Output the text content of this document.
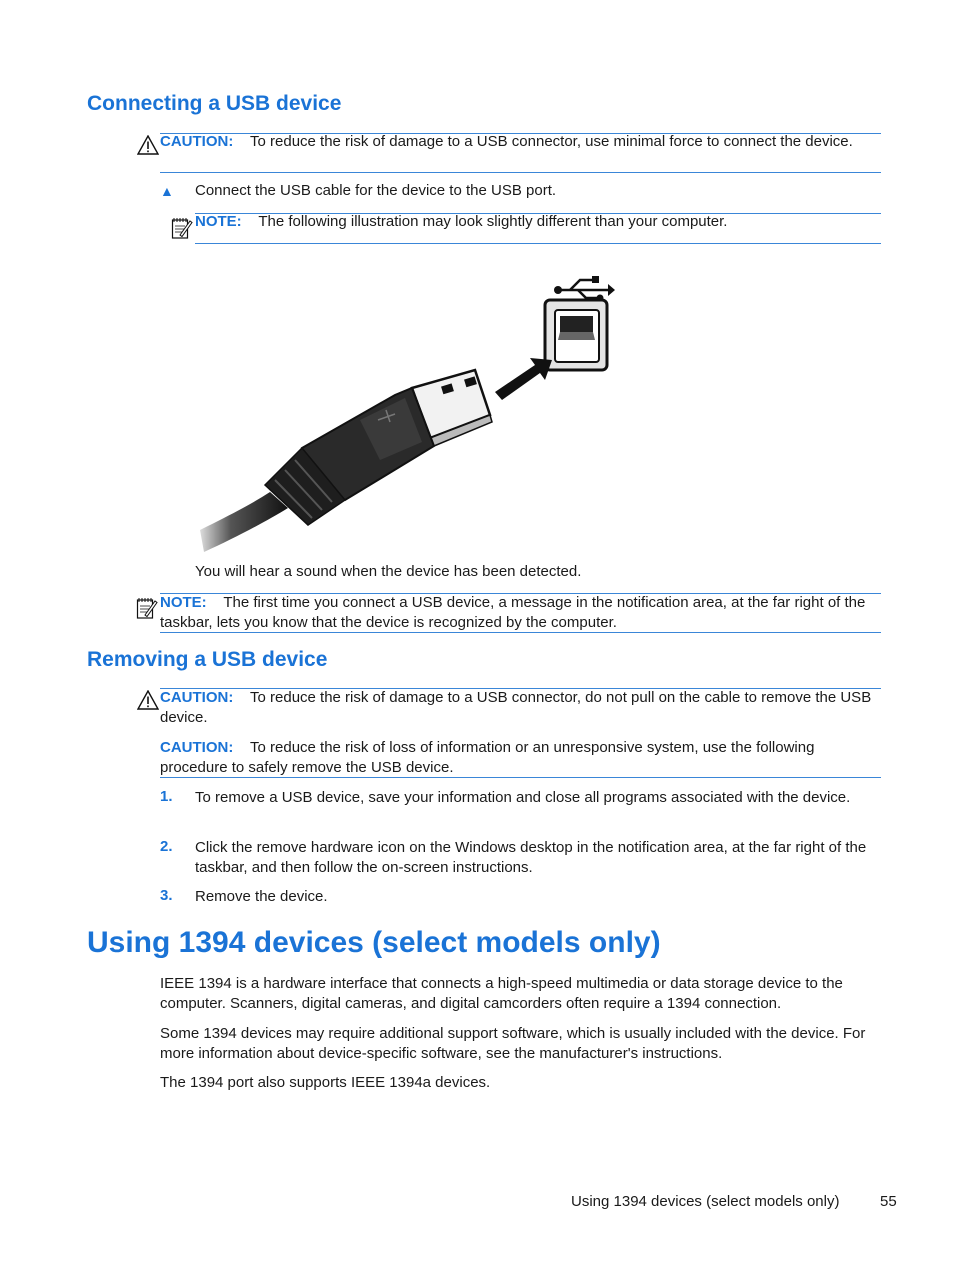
Connecting a USB device
CAUTION: To reduce the risk of damage to a USB connector, use minimal force to connect the device.
▲ Connect the USB cable for the device to the USB port.
NOTE: The following illustration may look slightly different than your computer.
You will hear a sound when the device has been detected.
NOTE: The first time you connect a USB device, a message in the notification area, at the far right of the taskbar, lets you know that the device is recognized by the computer.
Removing a USB device
CAUTION: To reduce the risk of damage to a USB connector, do not pull on the cable to remove the USB device.
CAUTION: To reduce the risk of loss of information or an unresponsive system, use the following procedure to safely remove the USB device.
1. To remove a USB device, save your information and close all programs associated with the device.
2. Click the remove hardware icon on the Windows desktop in the notification area, at the far right of the taskbar, and then follow the on-screen instructions.
3. Remove the device.
Using 1394 devices (select models only)
IEEE 1394 is a hardware interface that connects a high-speed multimedia or data storage device to the computer. Scanners, digital cameras, and digital camcorders often require a 1394 connection.
Some 1394 devices may require additional support software, which is usually included with the device. For more information about device-specific software, see the manufacturer's instructions.
The 1394 port also supports IEEE 1394a devices.
Using 1394 devices (select models only)	55
